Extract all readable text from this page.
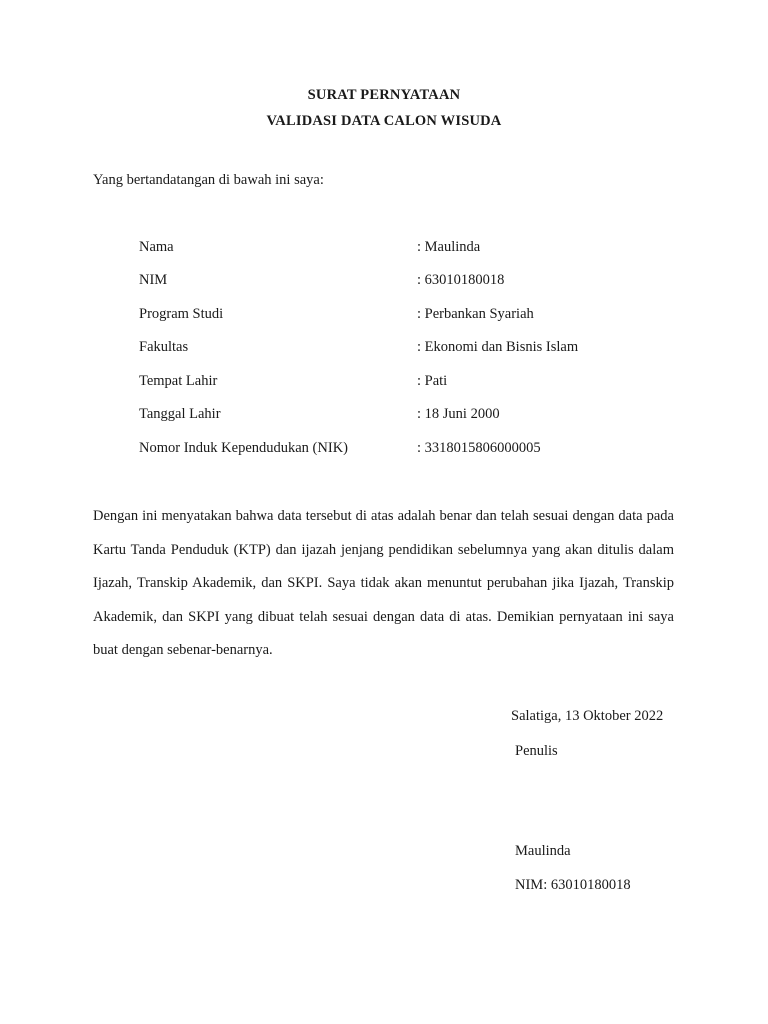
SURAT PERNYATAAN
VALIDASI DATA CALON WISUDA
Yang bertandatangan di bawah ini saya:
Nama	: Maulinda
NIM	: 63010180018
Program Studi	: Perbankan Syariah
Fakultas	: Ekonomi dan Bisnis Islam
Tempat Lahir	: Pati
Tanggal Lahir	: 18 Juni 2000
Nomor Induk Kependudukan (NIK)	: 3318015806000005

Dengan ini menyatakan bahwa data tersebut di atas adalah benar dan telah sesuai dengan data pada Kartu Tanda Penduduk (KTP) dan ijazah jenjang pendidikan sebelumnya yang akan ditulis dalam Ijazah, Transkip Akademik, dan SKPI. Saya tidak akan menuntut perubahan jika Ijazah, Transkip Akademik, dan SKPI yang dibuat telah sesuai dengan data di atas. Demikian pernyataan ini saya buat dengan sebenar-benarnya.

Salatiga, 13 Oktober 2022
Penulis
Maulinda
NIM: 63010180018
